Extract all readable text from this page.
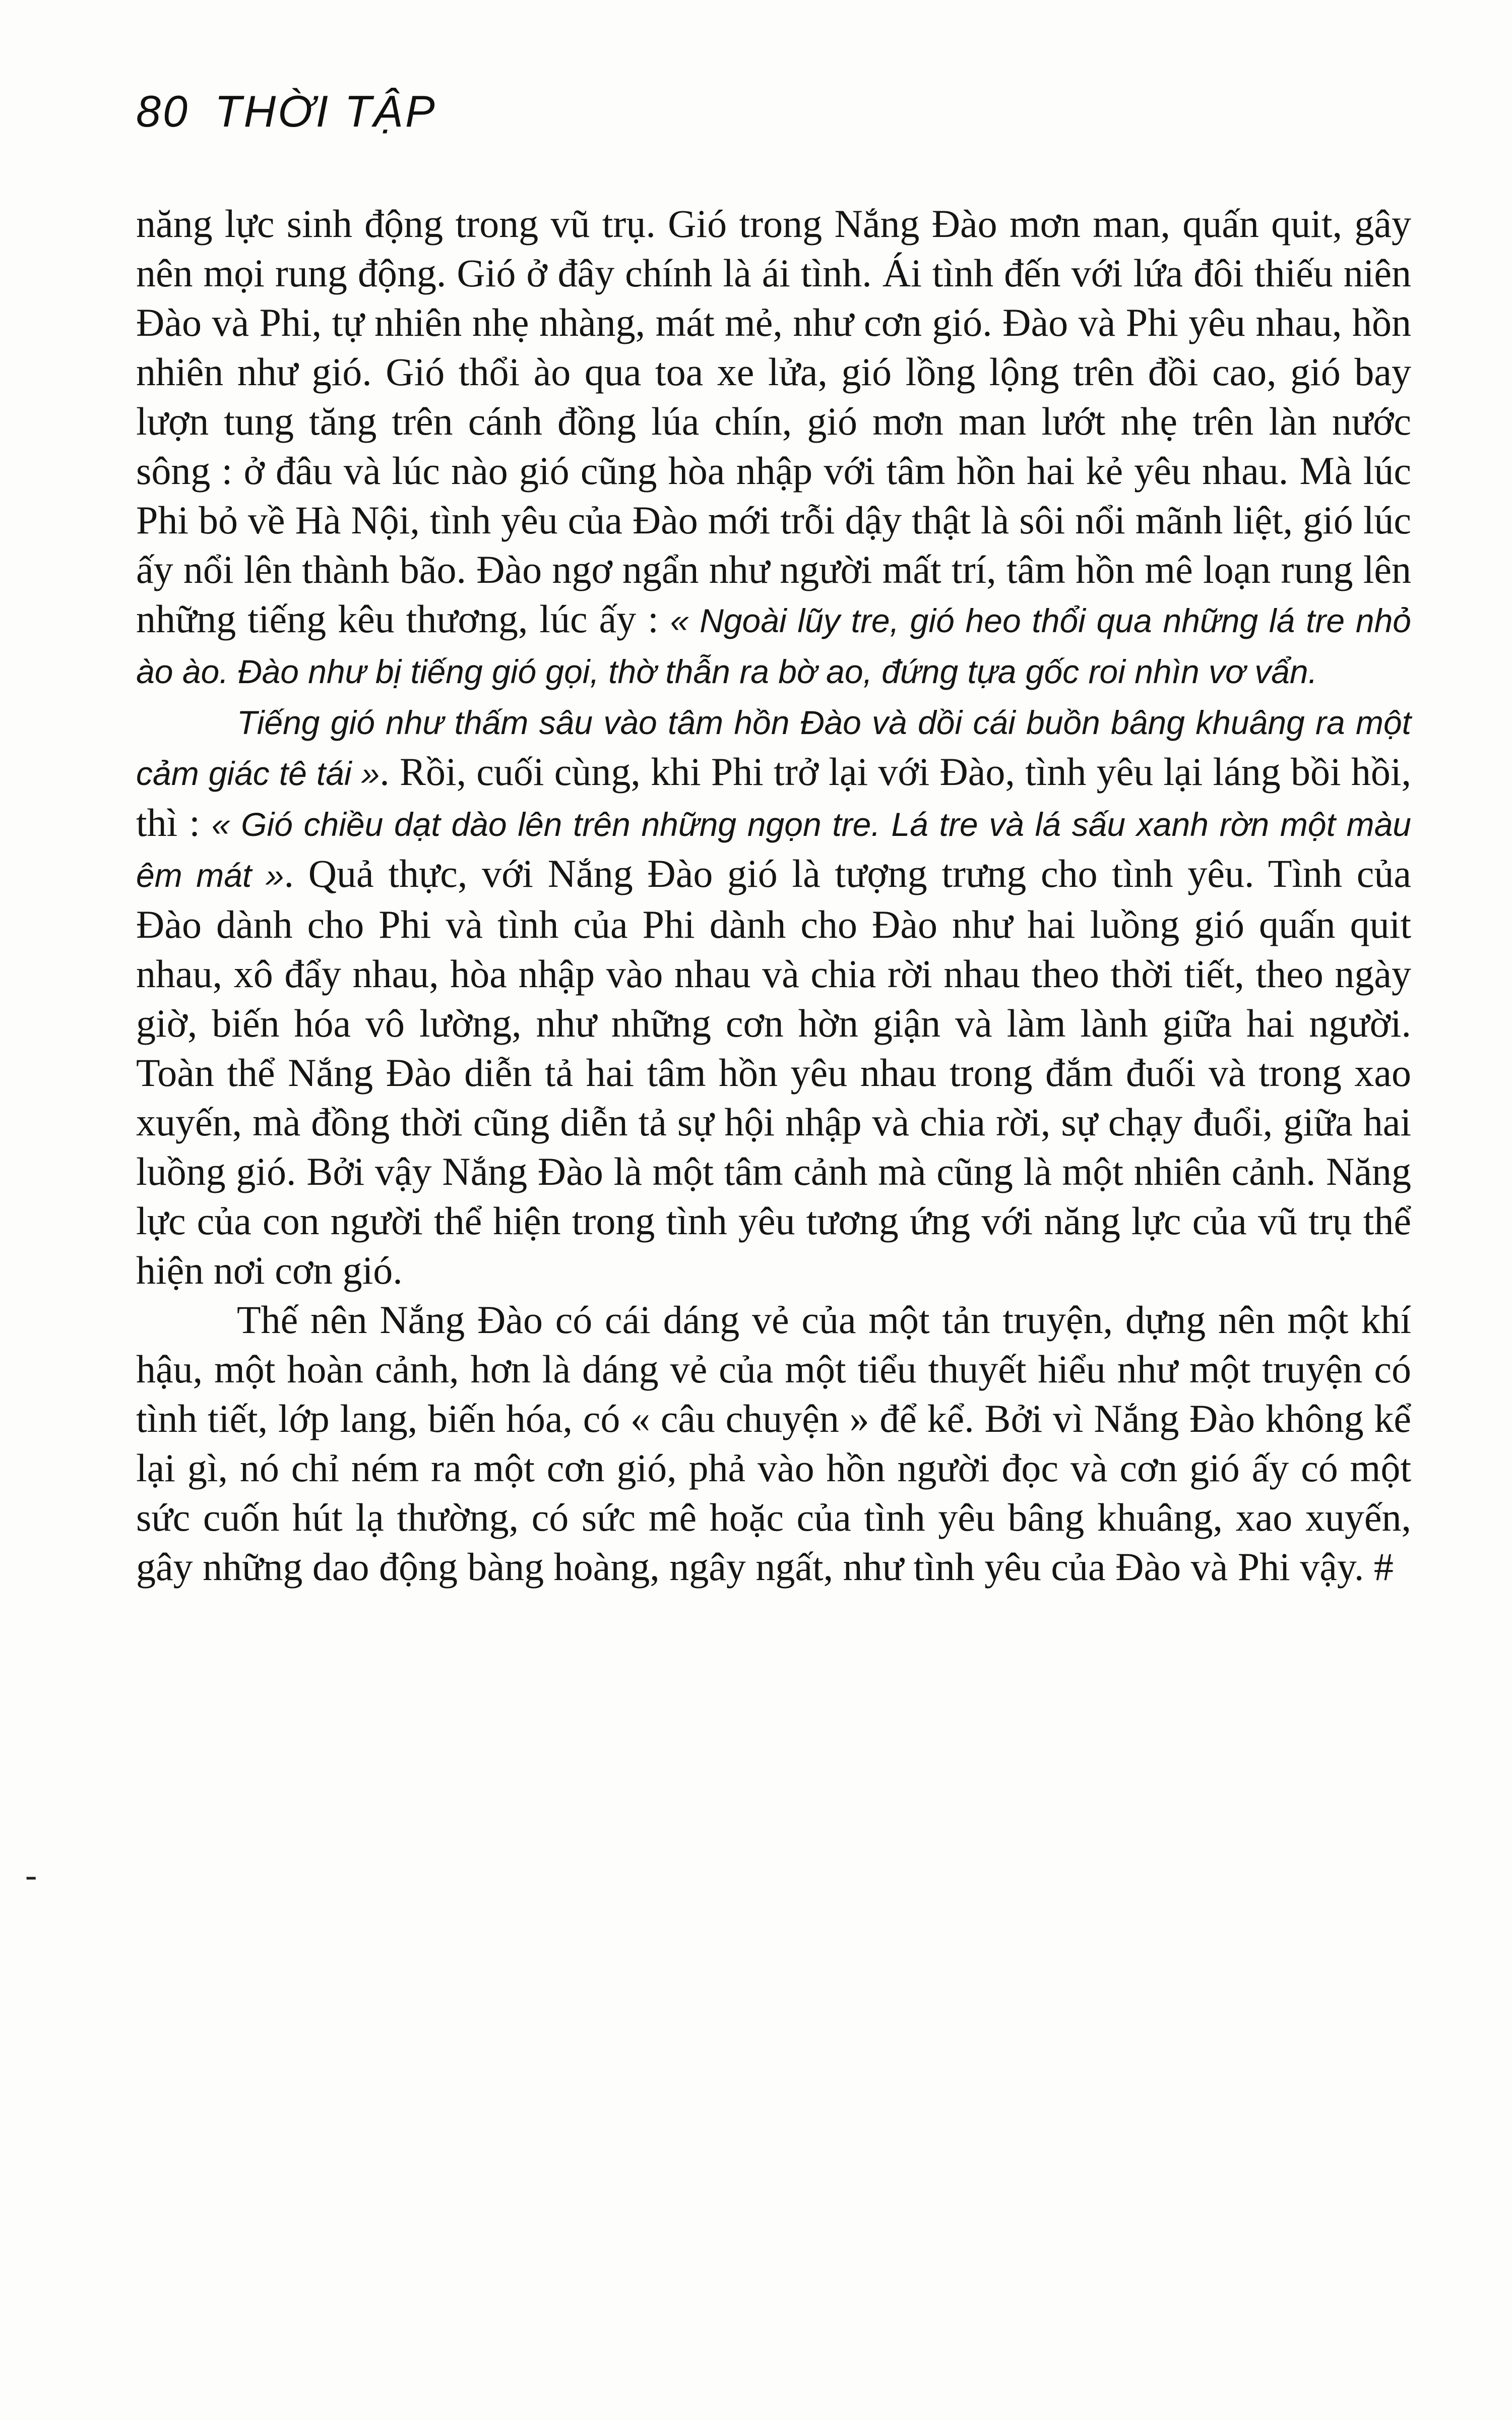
80 THỜI TẬP

năng lực sinh động trong vũ trụ. Gió trong Nắng Đào mơn man, quấn quit, gây nên mọi rung động. Gió ở đây chính là ái tình. Ái tình đến với lứa đôi thiếu niên Đào và Phi, tự nhiên nhẹ nhàng, mát mẻ, như cơn gió. Đào và Phi yêu nhau, hồn nhiên như gió. Gió thổi ào qua toa xe lửa, gió lồng lộng trên đồi cao, gió bay lượn tung tăng trên cánh đồng lúa chín, gió mơn man lướt nhẹ trên làn nước sông : ở đâu và lúc nào gió cũng hòa nhập với tâm hồn hai kẻ yêu nhau. Mà lúc Phi bỏ về Hà Nội, tình yêu của Đào mới trỗi dậy thật là sôi nổi mãnh liệt, gió lúc ấy nổi lên thành bão. Đào ngơ ngẩn như người mất trí, tâm hồn mê loạn rung lên những tiếng kêu thương, lúc ấy : « Ngoài lũy tre, gió heo thổi qua những lá tre nhỏ ào ào. Đào như bị tiếng gió gọi, thờ thẫn ra bờ ao, đứng tựa gốc roi nhìn vơ vẩn.

Tiếng gió như thấm sâu vào tâm hồn Đào và dồi cái buồn bâng khuâng ra một cảm giác tê tái ». Rồi, cuối cùng, khi Phi trở lại với Đào, tình yêu lại láng bồi hồi, thì : « Gió chiều dạt dào lên trên những ngọn tre. Lá tre và lá sấu xanh rờn một màu êm mát ». Quả thực, với Nắng Đào gió là tượng trưng cho tình yêu. Tình của Đào dành cho Phi và tình của Phi dành cho Đào như hai luồng gió quấn quit nhau, xô đẩy nhau, hòa nhập vào nhau và chia rời nhau theo thời tiết, theo ngày giờ, biến hóa vô lường, như những cơn hờn giận và làm lành giữa hai người. Toàn thể Nắng Đào diễn tả hai tâm hồn yêu nhau trong đắm đuối và trong xao xuyến, mà đồng thời cũng diễn tả sự hội nhập và chia rời, sự chạy đuổi, giữa hai luồng gió. Bởi vậy Nắng Đào là một tâm cảnh mà cũng là một nhiên cảnh. Năng lực của con người thể hiện trong tình yêu tương ứng với năng lực của vũ trụ thể hiện nơi cơn gió.

Thế nên Nắng Đào có cái dáng vẻ của một tản truyện, dựng nên một khí hậu, một hoàn cảnh, hơn là dáng vẻ của một tiểu thuyết hiểu như một truyện có tình tiết, lớp lang, biến hóa, có « câu chuyện » để kể. Bởi vì Nắng Đào không kể lại gì, nó chỉ ném ra một cơn gió, phả vào hồn người đọc và cơn gió ấy có một sức cuốn hút lạ thường, có sức mê hoặc của tình yêu bâng khuâng, xao xuyến, gây những dao động bàng hoàng, ngây ngất, như tình yêu của Đào và Phi vậy. #

-
